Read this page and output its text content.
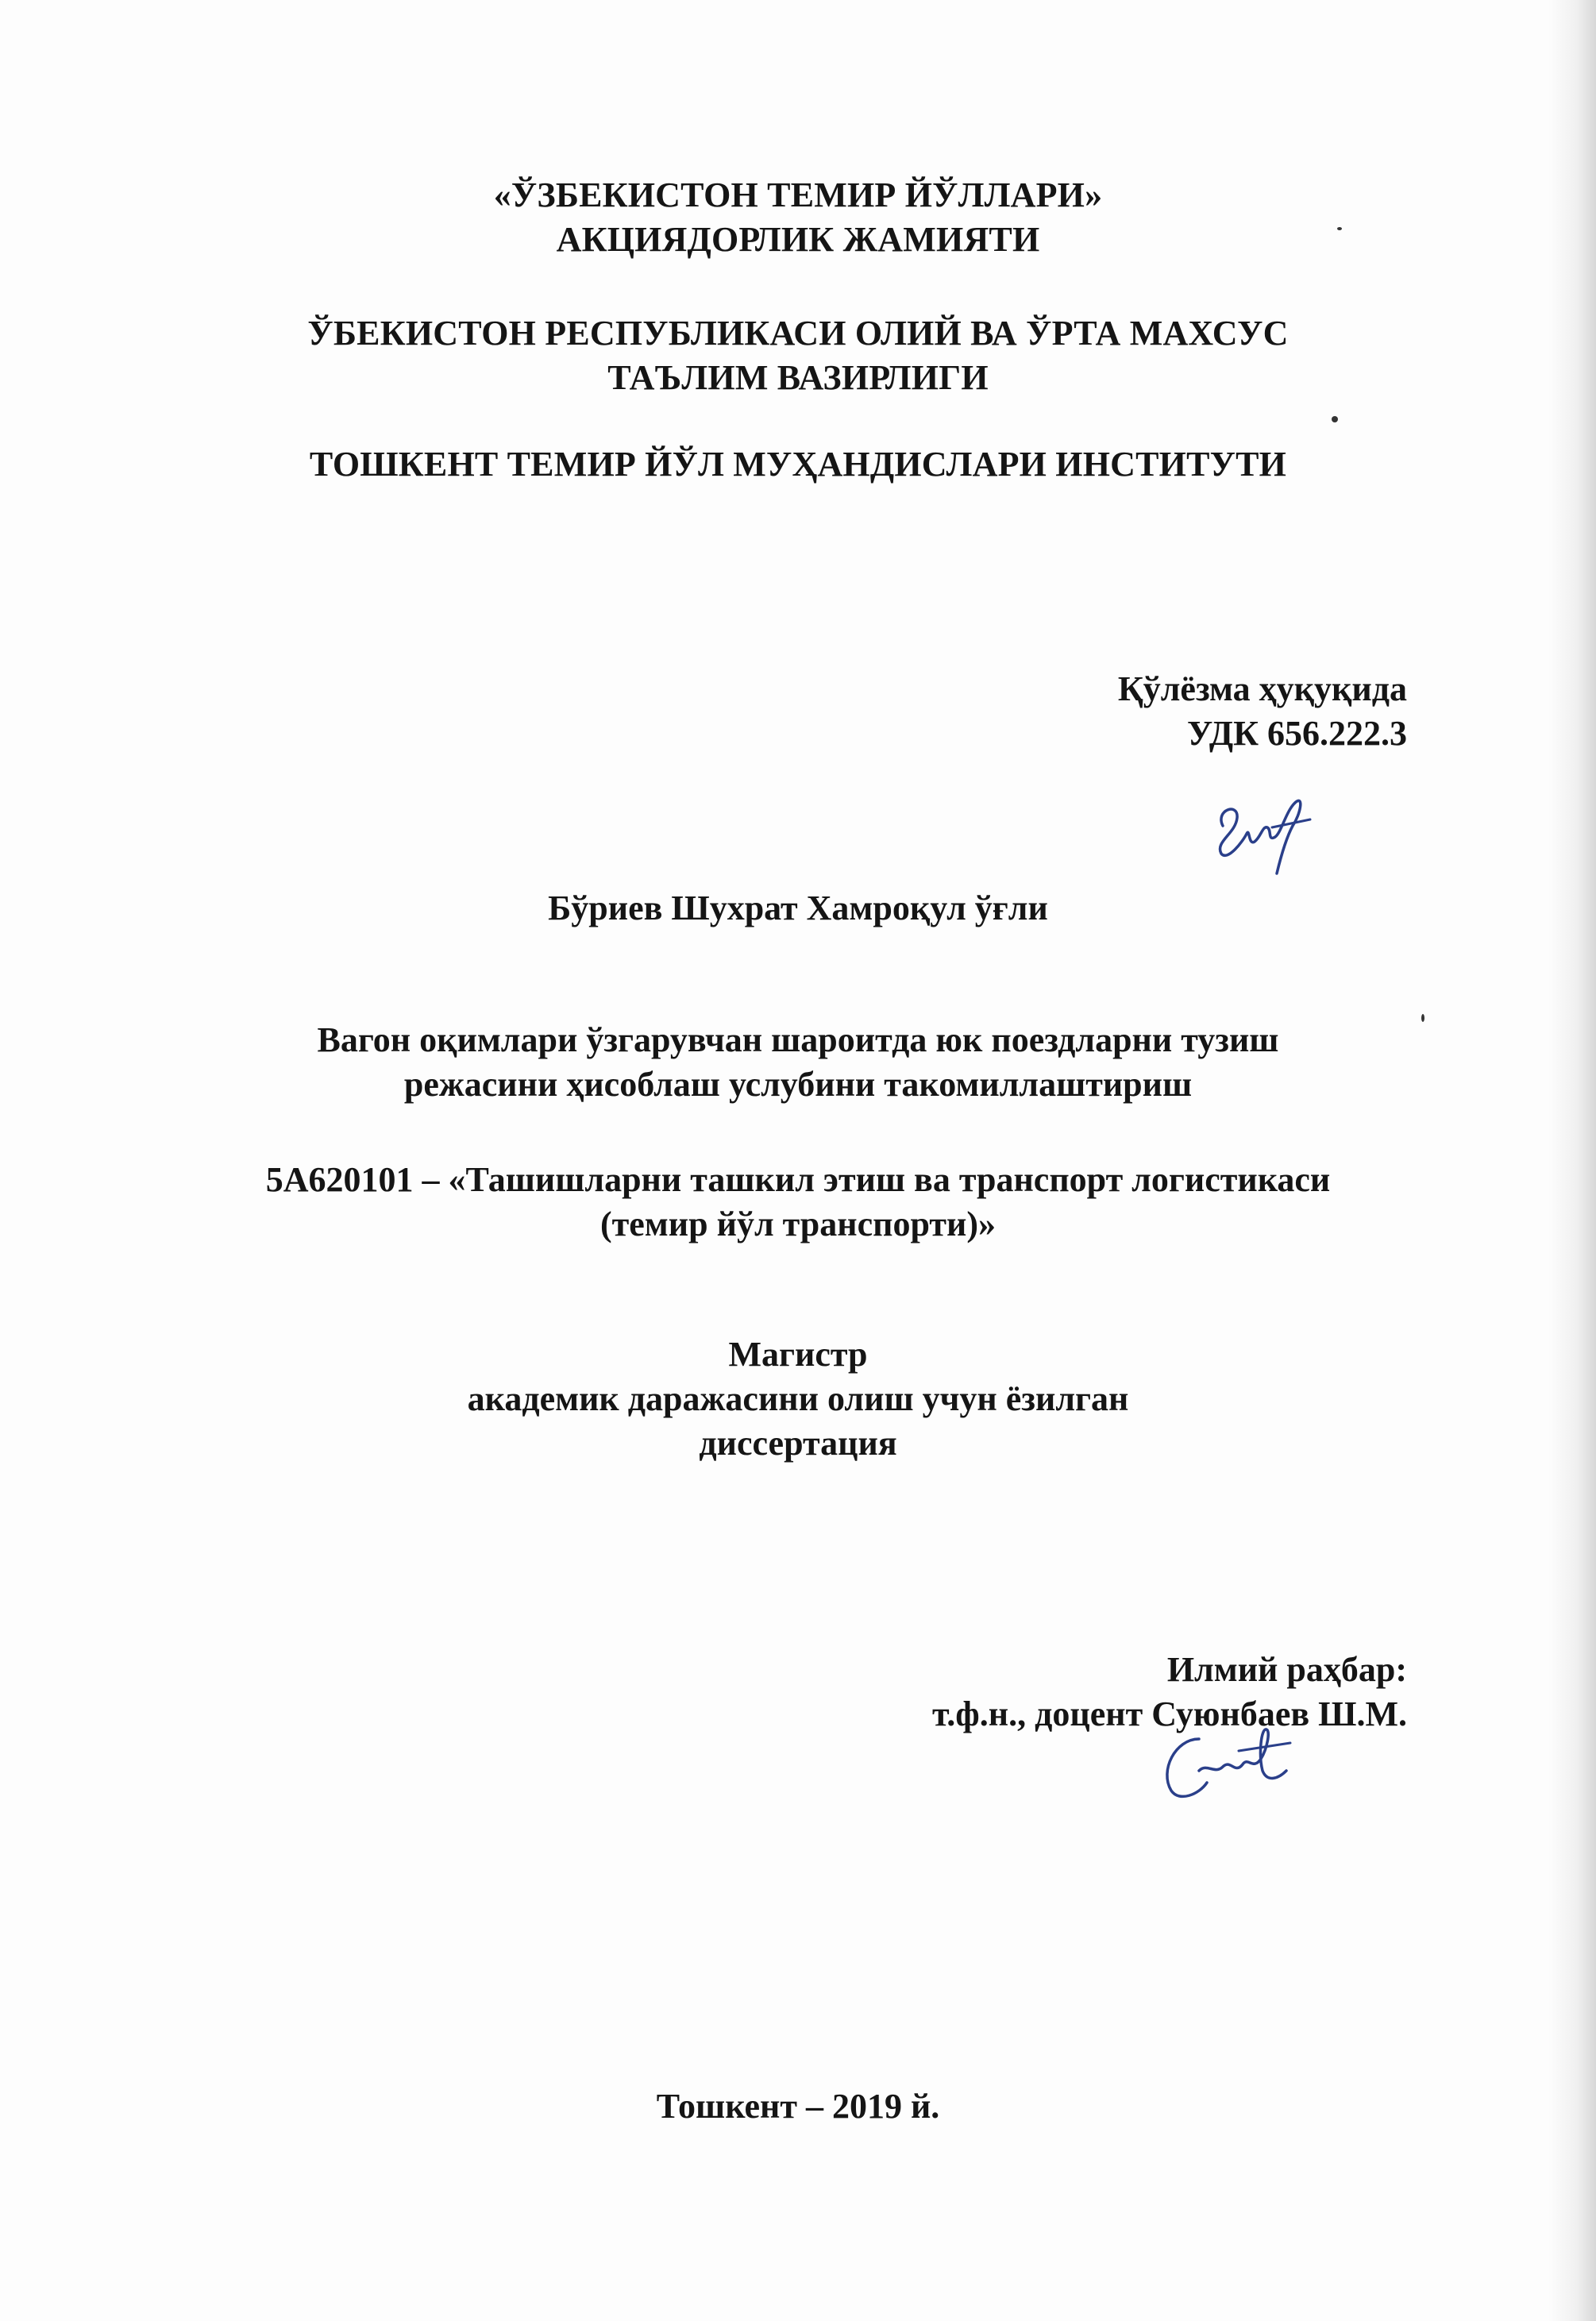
«ЎЗБЕКИСТОН ТЕМИР ЙЎЛЛАРИ»
АКЦИЯДОРЛИК ЖАМИЯТИ
ЎБЕКИСТОН РЕСПУБЛИКАСИ ОЛИЙ ВА ЎРТА МАХСУС
ТАЪЛИМ ВАЗИРЛИГИ
ТОШКЕНТ ТЕМИР ЙЎЛ МУҲАНДИСЛАРИ ИНСТИТУТИ
Қўлёзма ҳуқуқида
УДК 656.222.3
Бўриев Шухрат Хамроқул ўғли
Вагон оқимлари ўзгарувчан шароитда юк поездларни тузиш
режасини ҳисоблаш услубини такомиллаштириш
5А620101 – «Ташишларни ташкил этиш ва транспорт логистикаси
(темир йўл транспорти)»
Магистр
академик даражасини олиш учун ёзилган
диссертация
Илмий раҳбар:
т.ф.н., доцент Суюнбаев Ш.М.
Тошкент – 2019 й.
